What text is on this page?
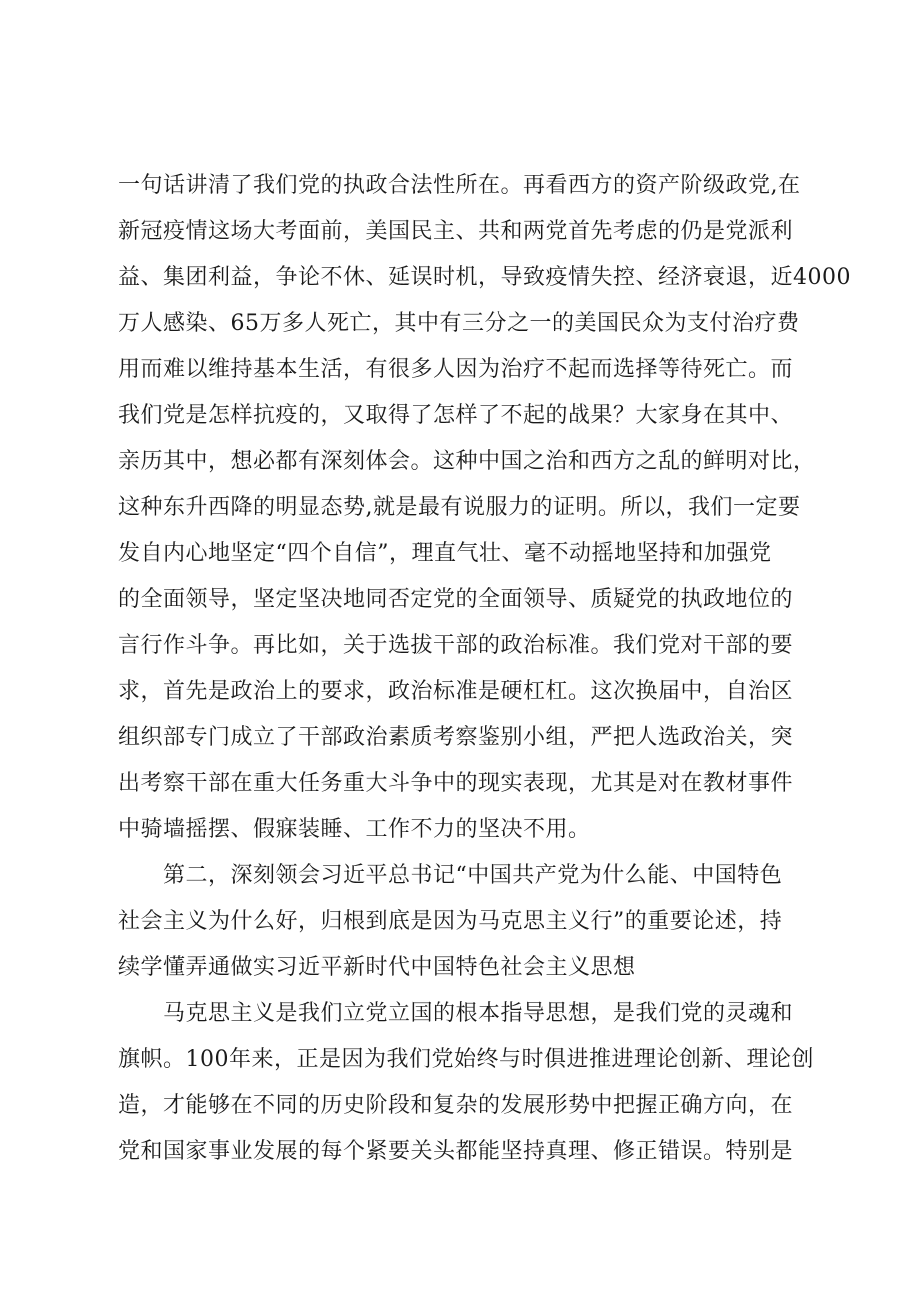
一句话讲清了我们党的执政合法性所在。再看西方的资产阶级政党,在
新冠疫情这场大考面前，美国民主、共和两党首先考虑的仍是党派利
益、集团利益，争论不休、延误时机，导致疫情失控、经济衰退，近4000
万人感染、65万多人死亡，其中有三分之一的美国民众为支付治疗费
用而难以维持基本生活，有很多人因为治疗不起而选择等待死亡。而
我们党是怎样抗疫的，又取得了怎样了不起的战果？大家身在其中、
亲历其中，想必都有深刻体会。这种中国之治和西方之乱的鲜明对比，
这种东升西降的明显态势,就是最有说服力的证明。所以，我们一定要
发自内心地坚定“四个自信”，理直气壮、毫不动摇地坚持和加强党
的全面领导，坚定坚决地同否定党的全面领导、质疑党的执政地位的
言行作斗争。再比如，关于选拔干部的政治标准。我们党对干部的要
求，首先是政治上的要求，政治标准是硬杠杠。这次换届中，自治区
组织部专门成立了干部政治素质考察鉴别小组，严把人选政治关，突
出考察干部在重大任务重大斗争中的现实表现，尤其是对在教材事件
中骑墙摇摆、假寐装睡、工作不力的坚决不用。
　　第二，深刻领会习近平总书记“中国共产党为什么能、中国特色
社会主义为什么好，归根到底是因为马克思主义行”的重要论述，持
续学懂弄通做实习近平新时代中国特色社会主义思想
　　马克思主义是我们立党立国的根本指导思想，是我们党的灵魂和
旗帜。100年来，正是因为我们党始终与时俱进推进理论创新、理论创
造，才能够在不同的历史阶段和复杂的发展形势中把握正确方向，在
党和国家事业发展的每个紧要关头都能坚持真理、修正错误。特别是
